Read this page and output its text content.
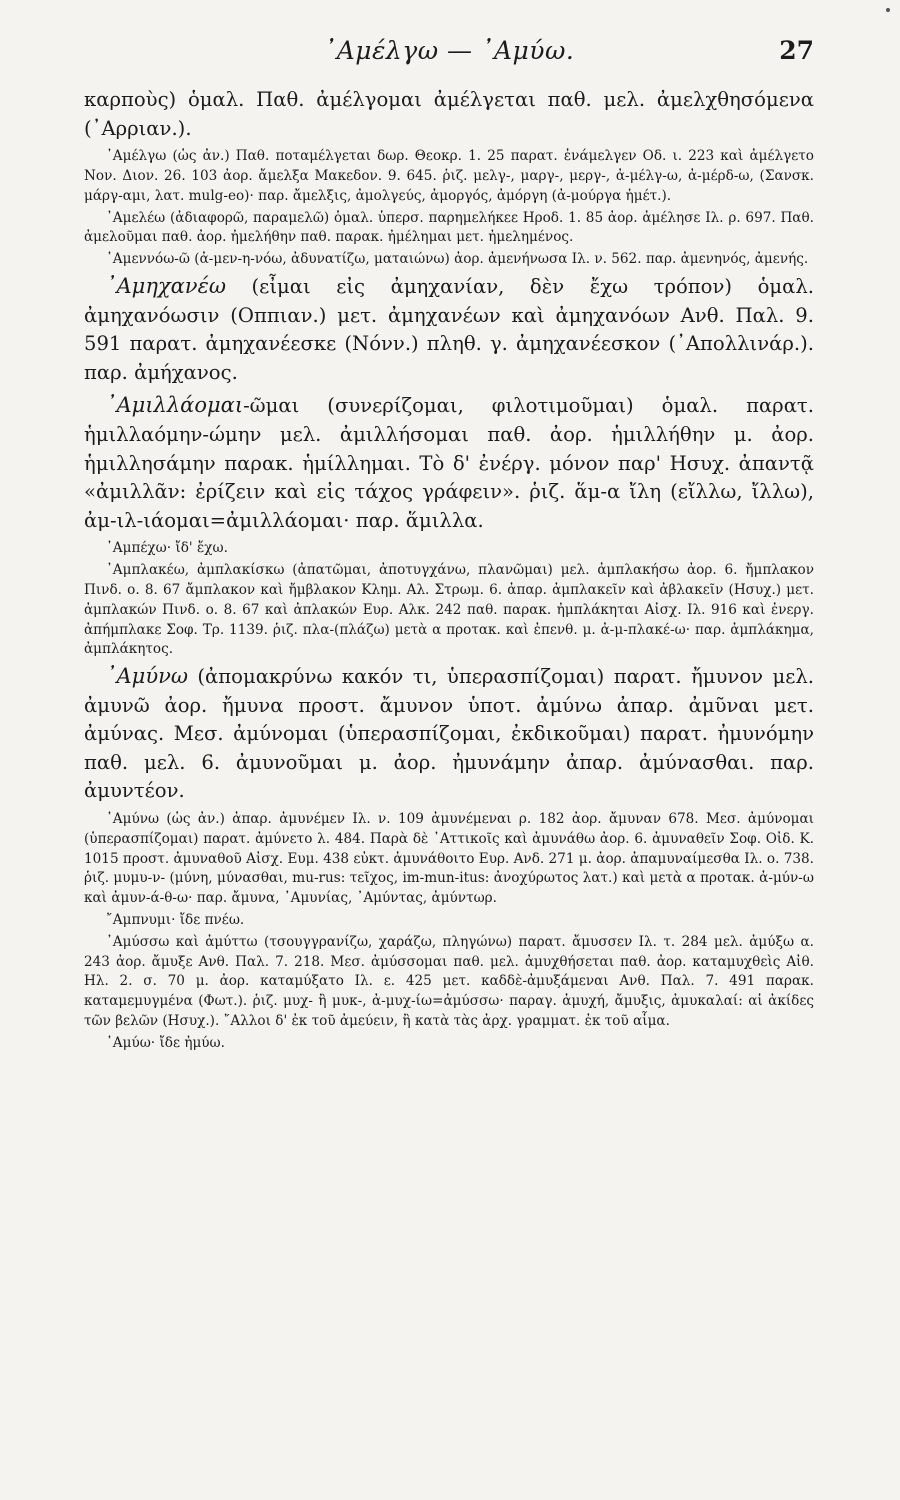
᾿Αμέλγω — ᾿Αμύω.	27

καρποὺς) ὁμαλ. Παθ. ἀμέλγομαι ἀμέλγεται παθ. μελ. ἀμελχθησόμενα (᾿Αρριαν.).

᾿Αμέλγω (ὡς ἀν.) Παθ. ποταμέλγεται δωρ. Θεοκρ. 1. 25 παρατ. ἐνάμελγεν Οδ. ι. 223 καὶ ἀμέλγετο Νον. Διον. 26. 103 ἀορ. ἄμελξα Μακεδον. 9. 645. ῥιζ. μελγ-, μαργ-, μεργ-, ἀ-μέλγ-ω, ἀ-μέρδ-ω, (Σανσκ. μάργ-αμι, λατ. mulg-eo)· παρ. ἄμελξις, ἀμολγεύς, ἀμοργός, ἀμόργη (ἀ-μούργα ἡμέτ.).

᾿Αμελέω (ἀδιαφορῶ, παραμελῶ) ὁμαλ. ὑπερσ. παρημελήκεε Ηροδ. 1. 85 ἀορ. ἀμέλησε Ιλ. ρ. 697. Παθ. ἀμελοῦμαι παθ. ἀορ. ἠμελήθην παθ. παρακ. ἠμέλημαι μετ. ἠμελημένος.

᾿Αμεννόω-ῶ (ἀ-μεν-η-νόω, ἀδυνατίζω, ματαιώνω) ἀορ. ἀμενήνωσα Ιλ. ν. 562. παρ. ἀμενηνός, ἀμενής.

᾿Αμηχανέω (εἶμαι εἰς ἀμηχανίαν, δὲν ἔχω τρόπον) ὁμαλ. ἀμηχανόωσιν (Οππιαν.) μετ. ἀμηχανέων καὶ ἀμηχανόων Ανθ. Παλ. 9. 591 παρατ. ἀμηχανέεσκε (Νόνν.) πληθ. γ. ἀμηχανέεσκον (᾿Απολλινάρ.). παρ. ἀμήχανος.

᾿Αμιλλάομαι-ῶμαι (συνερίζομαι, φιλοτιμοῦμαι) ὁμαλ. παρατ. ἡμιλλαόμην-ώμην μελ. ἀμιλλήσομαι παθ. ἀορ. ἡμιλλήθην μ. ἀορ. ἡμιλλησάμην παρακ. ἡμίλλημαι. Τὸ δ' ἐνέργ. μόνον παρ' Ησυχ. ἀπαντᾷ «ἀμιλλᾶν: ἐρίζειν καὶ εἰς τάχος γράφειν». ῥιζ. ἅμ-α ἴλη (εἴλλω, ἴλλω), ἀμ-ιλ-ιάομαι=ἀμιλλάομαι· παρ. ἅμιλλα.

᾿Αμπέχω· ἴδ' ἔχω.

᾿Αμπλακέω, ἀμπλακίσκω (ἀπατῶμαι, ἀποτυγχάνω, πλανῶμαι) μελ. ἀμπλακήσω ἀορ. 6. ἤμπλακον Πινδ. ο. 8. 67 ἄμπλακον καὶ ἤμβλακον Κλημ. Αλ. Στρωμ. 6. ἀπαρ. ἀμπλακεῖν καὶ ἀβλακεῖν (Ησυχ.) μετ. ἀμπλακών Πινδ. ο. 8. 67 καὶ ἀπλακών Ευρ. Αλκ. 242 παθ. παρακ. ἠμπλάκηται Αἰσχ. Ιλ. 916 καὶ ἐνεργ. ἀπήμπλακε Σοφ. Τρ. 1139. ῥιζ. πλα-(πλάζω) μετὰ α προτακ. καὶ ἐπενθ. μ. ἀ-μ-πλακέ-ω· παρ. ἀμπλάκημα, ἀμπλάκητος.

᾿Αμύνω (ἀπομακρύνω κακόν τι, ὑπερασπίζομαι) παρατ. ἤμυνον μελ. ἀμυνῶ ἀορ. ἤμυνα προστ. ἄμυνον ὑποτ. ἀμύνω ἀπαρ. ἀμῦναι μετ. ἀμύνας. Μεσ. ἀμύνομαι (ὑπερασπίζομαι, ἐκδικοῦμαι) παρατ. ἠμυνόμην παθ. μελ. 6. ἀμυνοῦμαι μ. ἀορ. ἠμυνάμην ἀπαρ. ἀμύνασθαι. παρ. ἀμυντέον.

᾿Αμύνω (ὡς ἀν.) ἀπαρ. ἀμυνέμεν Ιλ. ν. 109 ἀμυνέμεναι ρ. 182 ἀορ. ἄμυναν 678. Μεσ. ἀμύνομαι (ὑπερασπίζομαι) παρατ. ἀμύνετο λ. 484. Παρὰ δὲ ᾿Αττικοῖς καὶ ἀμυνάθω ἀορ. 6. ἀμυναθεῖν Σοφ. Οἰδ. Κ. 1015 προστ. ἀμυναθοῦ Αἰσχ. Ευμ. 438 εὐκτ. ἀμυνάθοιτο Ευρ. Ανδ. 271 μ. ἀορ. ἀπαμυναίμεσθα Ιλ. ο. 738. ῥιζ. μυμυ-ν- (μύνη, μύνασθαι, mu-rus: τεῖχος, im-mun-itus: ἀνοχύρωτος λατ.) καὶ μετὰ α προτακ. ἀ-μύν-ω καὶ ἀμυν-ά-θ-ω· παρ. ἄμυνα, ᾿Αμυνίας, ᾿Αμύντας, ἀμύντωρ.

῎Αμπνυμι· ἴδε πνέω.

᾿Αμύσσω καὶ ἀμύττω (τσουγγρανίζω, χαράζω, πληγώνω) παρατ. ἄμυσσεν Ιλ. τ. 284 μελ. ἀμύξω α. 243 ἀορ. ἄμυξε Ανθ. Παλ. 7. 218. Μεσ. ἀμύσσομαι παθ. μελ. ἀμυχθήσεται παθ. ἀορ. καταμυχθεὶς Αἰθ. Ηλ. 2. σ. 70 μ. ἀορ. καταμύξατο Ιλ. ε. 425 μετ. καδδὲ-ἀμυξάμεναι Ανθ. Παλ. 7. 491 παρακ. καταμεμυγμένα (Φωτ.). ῥιζ. μυχ- ἢ μυκ-, ἀ-μυχ-ίω=ἀμύσσω· παραγ. ἀμυχή, ἄμυξις, ἀμυκαλαί: αἱ ἀκίδες τῶν βελῶν (Ησυχ.). ῎Αλλοι δ' ἐκ τοῦ ἀμεύειν, ἢ κατὰ τὰς ἀρχ. γραμματ. ἐκ τοῦ αἷμα.

᾿Αμύω· ἴδε ἠμύω.
